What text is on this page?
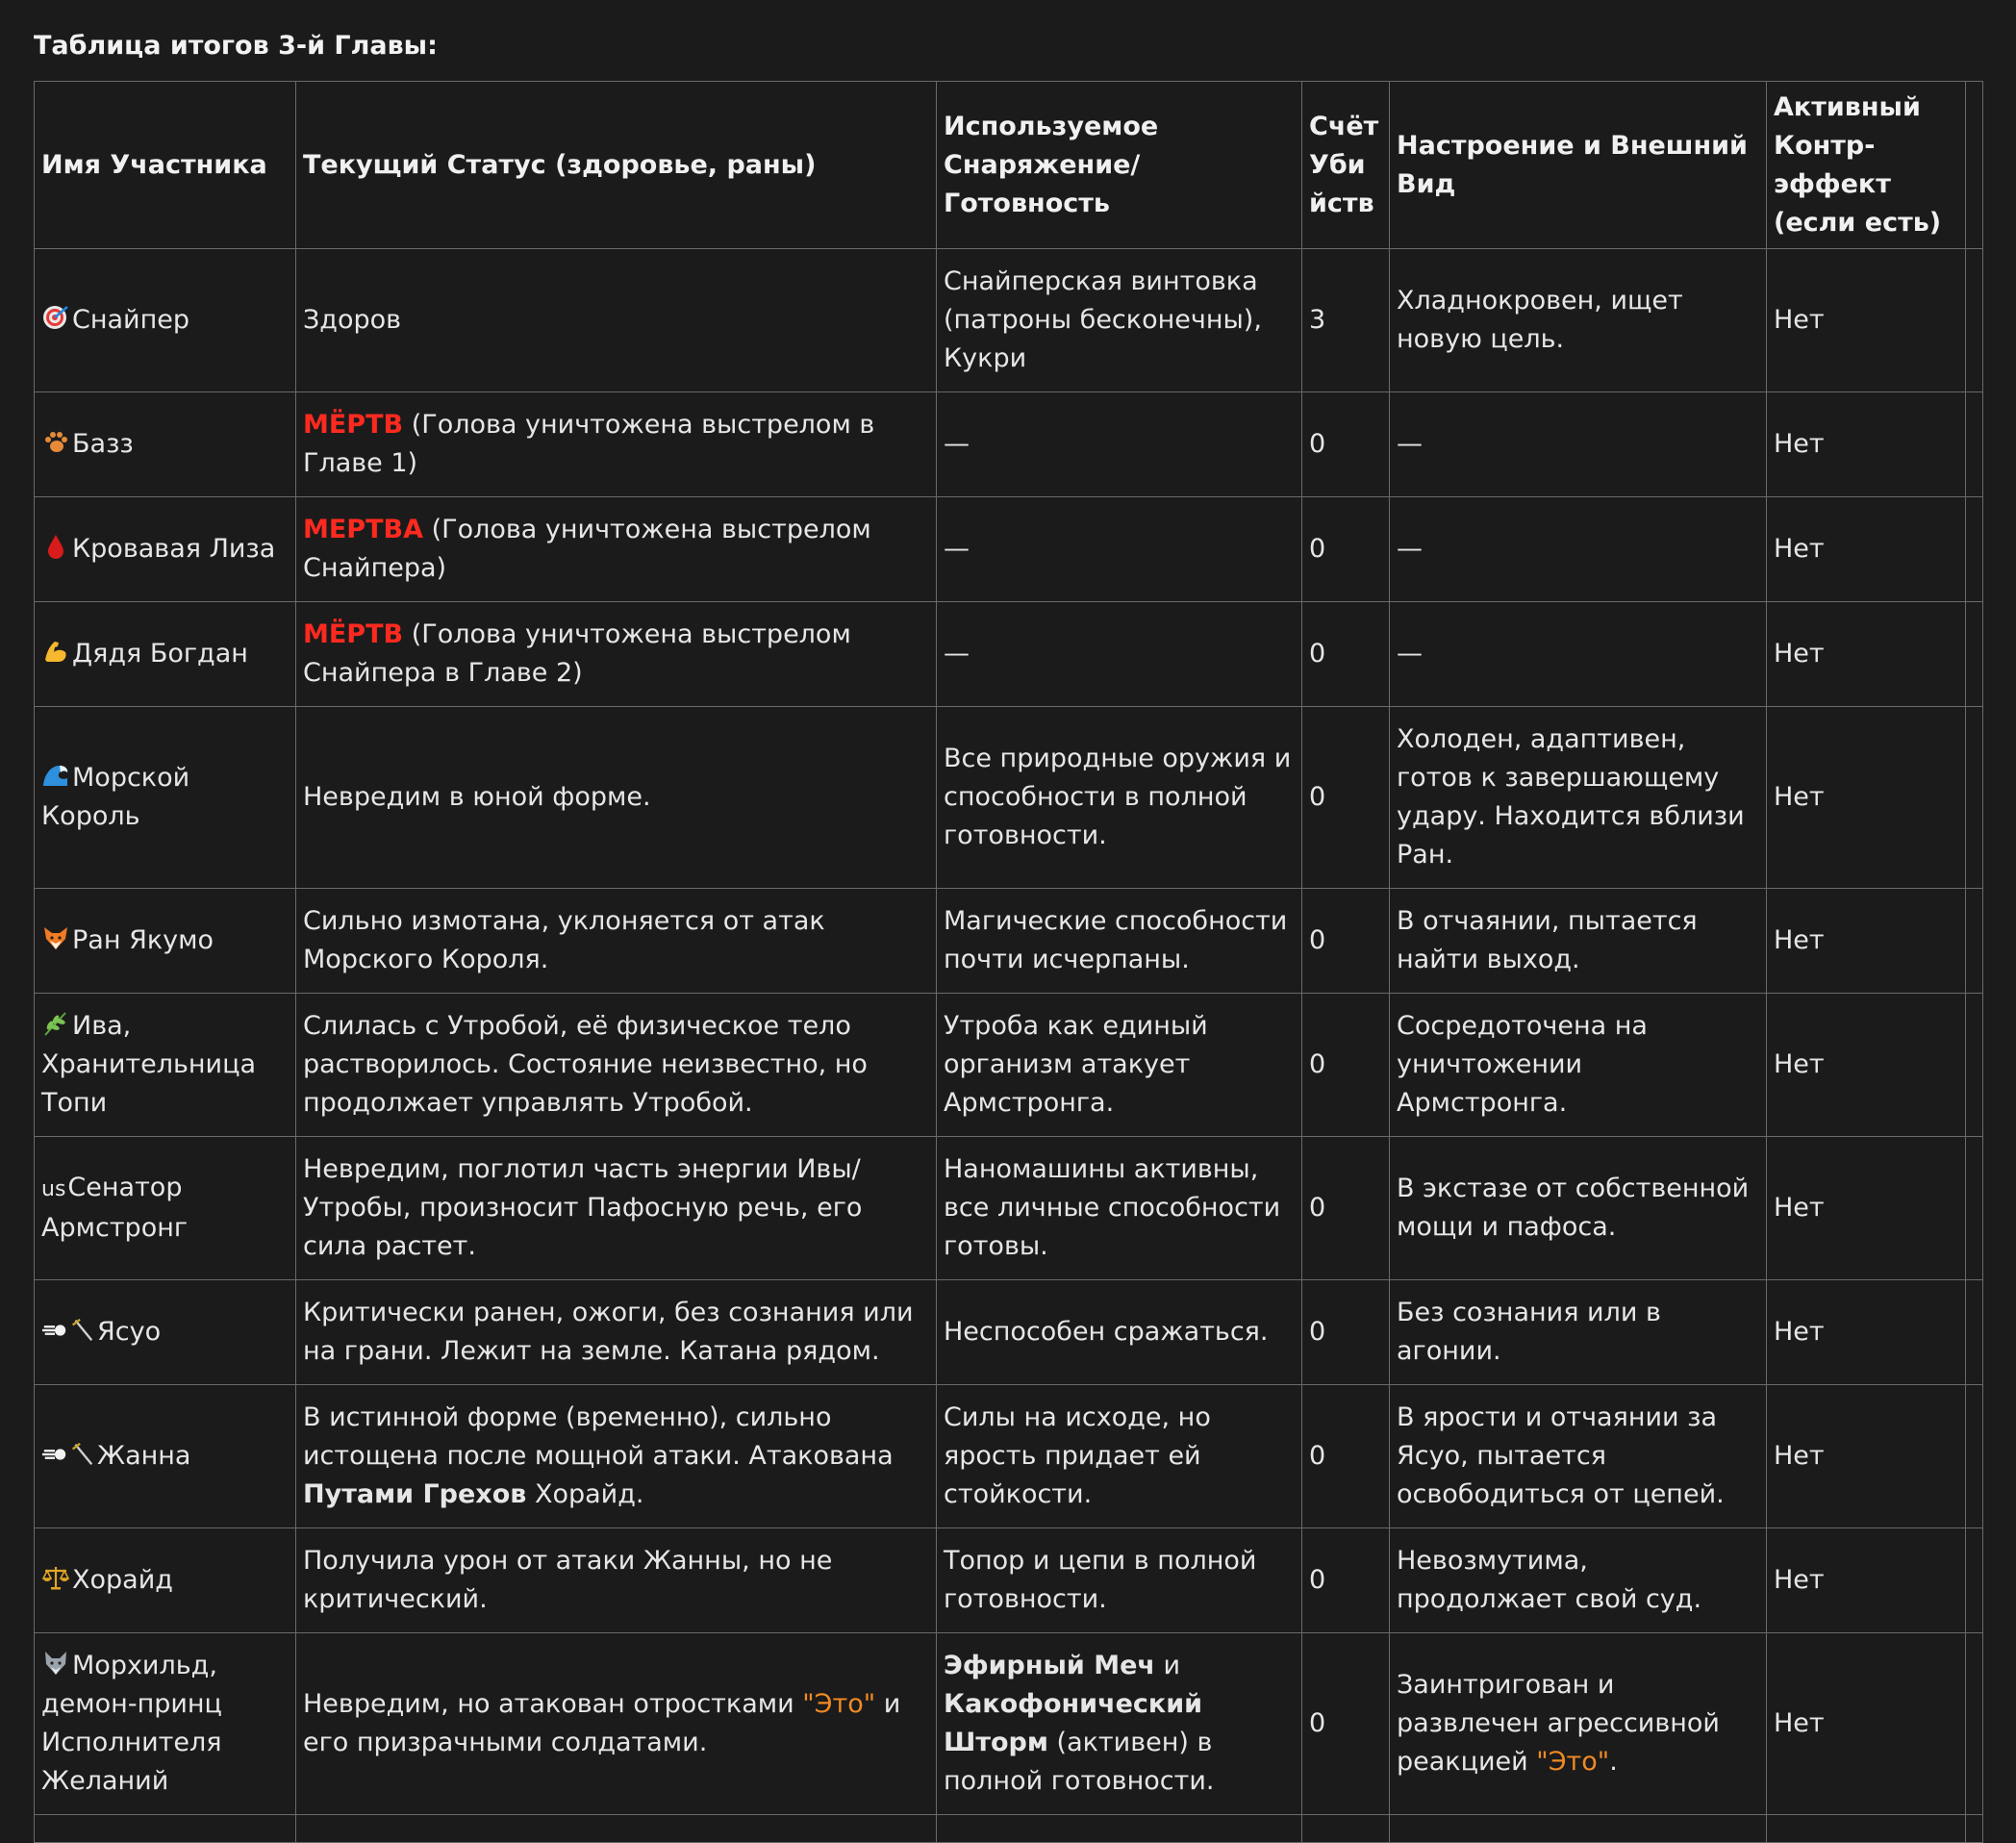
Таблица итогов 3-й Главы:
Имя Участника	Текущий Статус (здоровье, раны)	Используемое Снаряжение/Готовность	Счёт Убийств	Настроение и Внешний Вид	Активный Контр-эффект (если есть)	
Снайпер	Здоров	Снайперская винтовка (патроны бесконечны), Кукри	3	Хладнокровен, ищет новую цель.	Нет	
Базз	МЁРТВ (Голова уничтожена выстрелом в Главе 1)	—	0	—	Нет	
Кровавая Лиза	МЕРТВА (Голова уничтожена выстрелом Снайпера)	—	0	—	Нет	
Дядя Богдан	МЁРТВ (Голова уничтожена выстрелом Снайпера в Главе 2)	—	0	—	Нет	
Морской Король	Невредим в юной форме.	Все природные оружия и способности в полной готовности.	0	Холоден, адаптивен, готов к завершающему удару. Находится вблизи Ран.	Нет	
Ран Якумо	Сильно измотана, уклоняется от атак Морского Короля.	Магические способности почти исчерпаны.	0	В отчаянии, пытается найти выход.	Нет	
Ива, Хранительница Топи	Слилась с Утробой, её физическое тело растворилось. Состояние неизвестно, но продолжает управлять Утробой.	Утроба как единый организм атакует Армстронга.	0	Сосредоточена на уничтожении Армстронга.	Нет	
usСенатор Армстронг	Невредим, поглотил часть энергии Ивы/Утробы, произносит Пафосную речь, его сила растет.	Наномашины активны, все личные способности готовы.	0	В экстазе от собственной мощи и пафоса.	Нет	
Ясуо	Критически ранен, ожоги, без сознания или на грани. Лежит на земле. Катана рядом.	Неспособен сражаться.	0	Без сознания или в агонии.	Нет	
Жанна	В истинной форме (временно), сильно истощена после мощной атаки. Атакована Путами Грехов Хорайд.	Силы на исходе, но ярость придает ей стойкости.	0	В ярости и отчаянии за Ясуо, пытается освободиться от цепей.	Нет	
Хорайд	Получила урон от атаки Жанны, но не критический.	Топор и цепи в полной готовности.	0	Невозмутима, продолжает свой суд.	Нет	
Морхильд, демон-принц Исполнителя Желаний	Невредим, но атакован отростками "Это" и его призрачными солдатами.	Эфирный Меч и Какофонический Шторм (активен) в полной готовности.	0	Заинтригован и развлечен агрессивной реакцией "Это".	Нет	
